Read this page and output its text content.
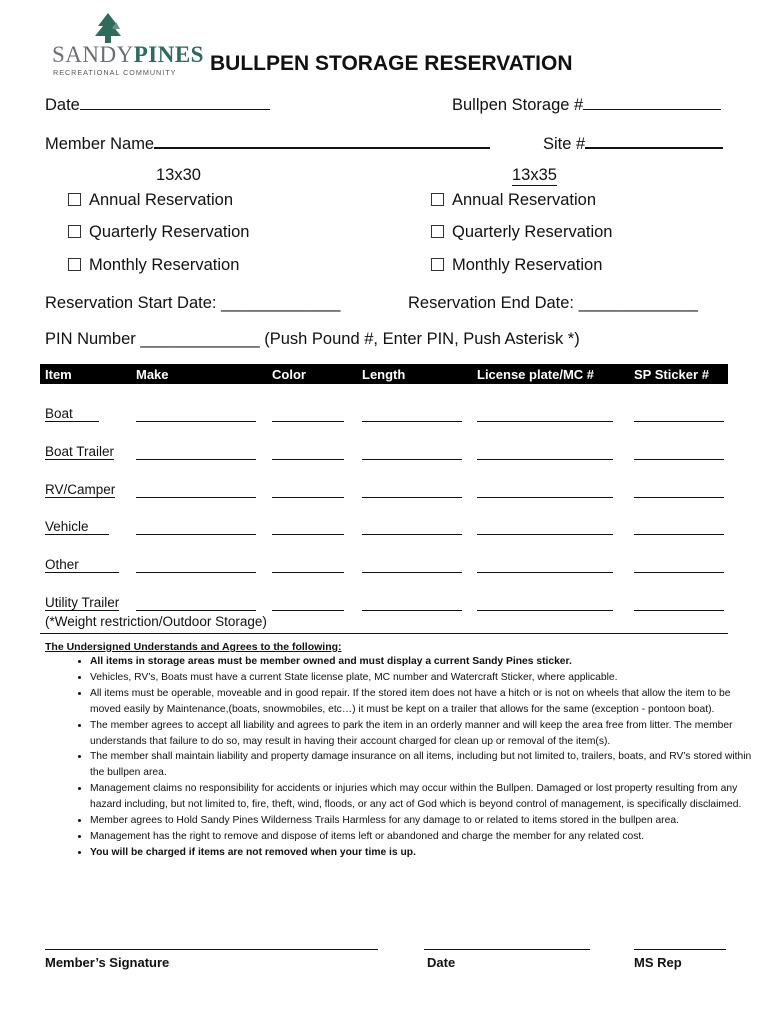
SANDYPINES
RECREATIONAL COMMUNITY BULLPEN STORAGE RESERVATION
Date	Bullpen Storage #
Member Name	Site #
13x30
Annual Reservation
Quarterly Reservation
Monthly Reservation
13x35
Annual Reservation
Quarterly Reservation
Monthly Reservation
Reservation Start Date: _____________	Reservation End Date: _____________
PIN Number _____________ (Push Pound #, Enter PIN, Push Asterisk *)
Item	Make	Color	Length	License plate/MC #	SP Sticker #
Boat
Boat Trailer
RV/Camper
Vehicle
Other
Utility Trailer
(*Weight restriction/Outdoor Storage)
The Undersigned Understands and Agrees to the following:
• All items in storage areas must be member owned and must display a current Sandy Pines sticker.
• Vehicles, RV’s, Boats must have a current State license plate, MC number and Watercraft Sticker, where applicable.
• All items must be operable, moveable and in good repair. If the stored item does not have a hitch or is not on wheels that allow the item to be moved easily by Maintenance,(boats, snowmobiles, etc…) it must be kept on a trailer that allows for the same (exception - pontoon boat).
• The member agrees to accept all liability and agrees to park the item in an orderly manner and will keep the area free from litter. The member understands that failure to do so, may result in having their account charged for clean up or removal of the item(s).
• The member shall maintain liability and property damage insurance on all items, including but not limited to, trailers, boats, and RV’s stored within the bullpen area.
• Management claims no responsibility for accidents or injuries which may occur within the Bullpen. Damaged or lost property resulting from any hazard including, but not limited to, fire, theft, wind, floods, or any act of God which is beyond control of management, is specifically disclaimed.
• Member agrees to Hold Sandy Pines Wilderness Trails Harmless for any damage to or related to items stored in the bullpen area.
• Management has the right to remove and dispose of items left or abandoned and charge the member for any related cost.
• You will be charged if items are not removed when your time is up.
Member’s Signature	Date	MS Rep
